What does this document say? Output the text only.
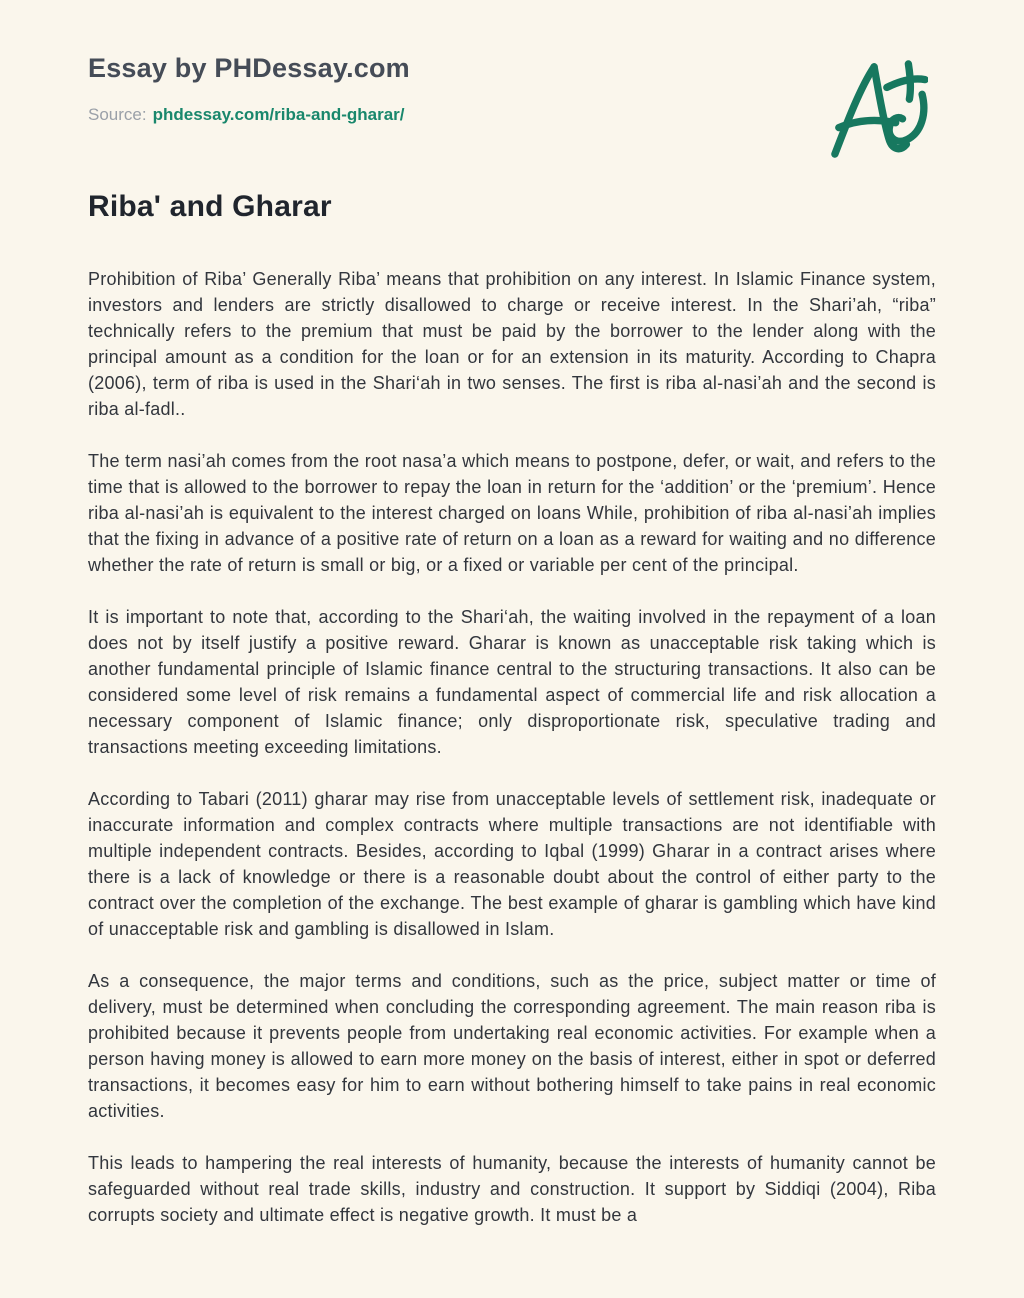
Essay by PHDessay.com
Source: phdessay.com/riba-and-gharar/
Riba' and Gharar

Prohibition of Riba’ Generally Riba’ means that prohibition on any interest. In Islamic Finance system, investors and lenders are strictly disallowed to charge or receive interest. In the Shari’ah, “riba” technically refers to the premium that must be paid by the borrower to the lender along with the principal amount as a condition for the loan or for an extension in its maturity. According to Chapra (2006), term of riba is used in the Shari‘ah in two senses. The first is riba al-nasi’ah and the second is riba al-fadl..

The term nasi’ah comes from the root nasa’a which means to postpone, defer, or wait, and refers to the time that is allowed to the borrower to repay the loan in return for the ‘addition’ or the ‘premium’. Hence riba al-nasi’ah is equivalent to the interest charged on loans While, prohibition of riba al-nasi’ah implies that the fixing in advance of a positive rate of return on a loan as a reward for waiting and no difference whether the rate of return is small or big, or a fixed or variable per cent of the principal.

It is important to note that, according to the Shari‘ah, the waiting involved in the repayment of a loan does not by itself justify a positive reward. Gharar is known as unacceptable risk taking which is another fundamental principle of Islamic finance central to the structuring transactions. It also can be considered some level of risk remains a fundamental aspect of commercial life and risk allocation a necessary component of Islamic finance; only disproportionate risk, speculative trading and transactions meeting exceeding limitations.

According to Tabari (2011) gharar may rise from unacceptable levels of settlement risk, inadequate or inaccurate information and complex contracts where multiple transactions are not identifiable with multiple independent contracts. Besides, according to Iqbal (1999) Gharar in a contract arises where there is a lack of knowledge or there is a reasonable doubt about the control of either party to the contract over the completion of the exchange. The best example of gharar is gambling which have kind of unacceptable risk and gambling is disallowed in Islam.

As a consequence, the major terms and conditions, such as the price, subject matter or time of delivery, must be determined when concluding the corresponding agreement. The main reason riba is prohibited because it prevents people from undertaking real economic activities. For example when a person having money is allowed to earn more money on the basis of interest, either in spot or deferred transactions, it becomes easy for him to earn without bothering himself to take pains in real economic activities.

This leads to hampering the real interests of humanity, because the interests of humanity cannot be safeguarded without real trade skills, industry and construction. It support by Siddiqi (2004), Riba corrupts society and ultimate effect is negative growth. It must be a
